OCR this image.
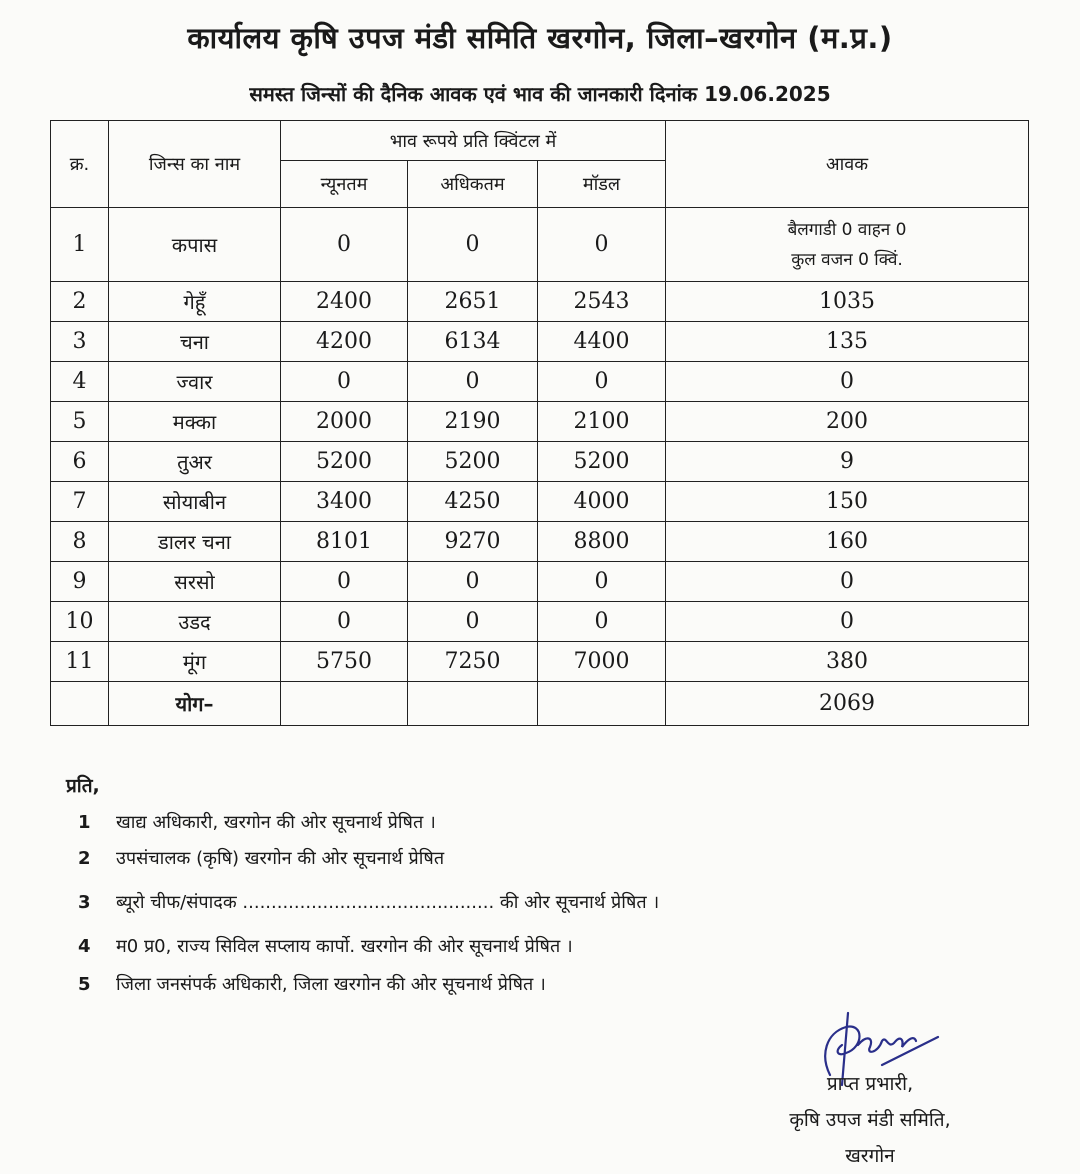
कार्यालय कृषि उपज मंडी समिति खरगोन, जिला–खरगोन (म.प्र.)
समस्त जिन्सों की दैनिक आवक एवं भाव की जानकारी दिनांक 19.06.2025
क्र.	जिन्स का नाम	भाव रूपये प्रति क्विंटल में			आवक
		न्यूनतम	अधिकतम	मॉडल	
1	कपास	0	0	0	बैलगाडी 0 वाहन 0
कुल वजन 0 क्विं.

2	गेहूँ	2400	2651	2543	1035
3	चना	4200	6134	4400	135
4	ज्वार	0	0	0	0
5	मक्का	2000	2190	2100	200
6	तुअर	5200	5200	5200	9
7	सोयाबीन	3400	4250	4000	150
8	डालर चना	8101	9270	8800	160
9	सरसो	0	0	0	0
10	उडद	0	0	0	0
11	मूंग	5750	7250	7000	380
	योग–				2069
प्रति,
1 खाद्य अधिकारी, खरगोन की ओर सूचनार्थ प्रेषित ।
2 उपसंचालक (कृषि) खरगोन की ओर सूचनार्थ प्रेषित
3 ब्यूरो चीफ/संपादक ............................................ की ओर सूचनार्थ प्रेषित ।
4 म0 प्र0, राज्य सिविल सप्लाय कार्पो. खरगोन की ओर सूचनार्थ प्रेषित ।
5 जिला जनसंपर्क अधिकारी, जिला खरगोन की ओर सूचनार्थ प्रेषित ।
प्राप्त प्रभारी,
कृषि उपज मंडी समिति,
खरगोन
